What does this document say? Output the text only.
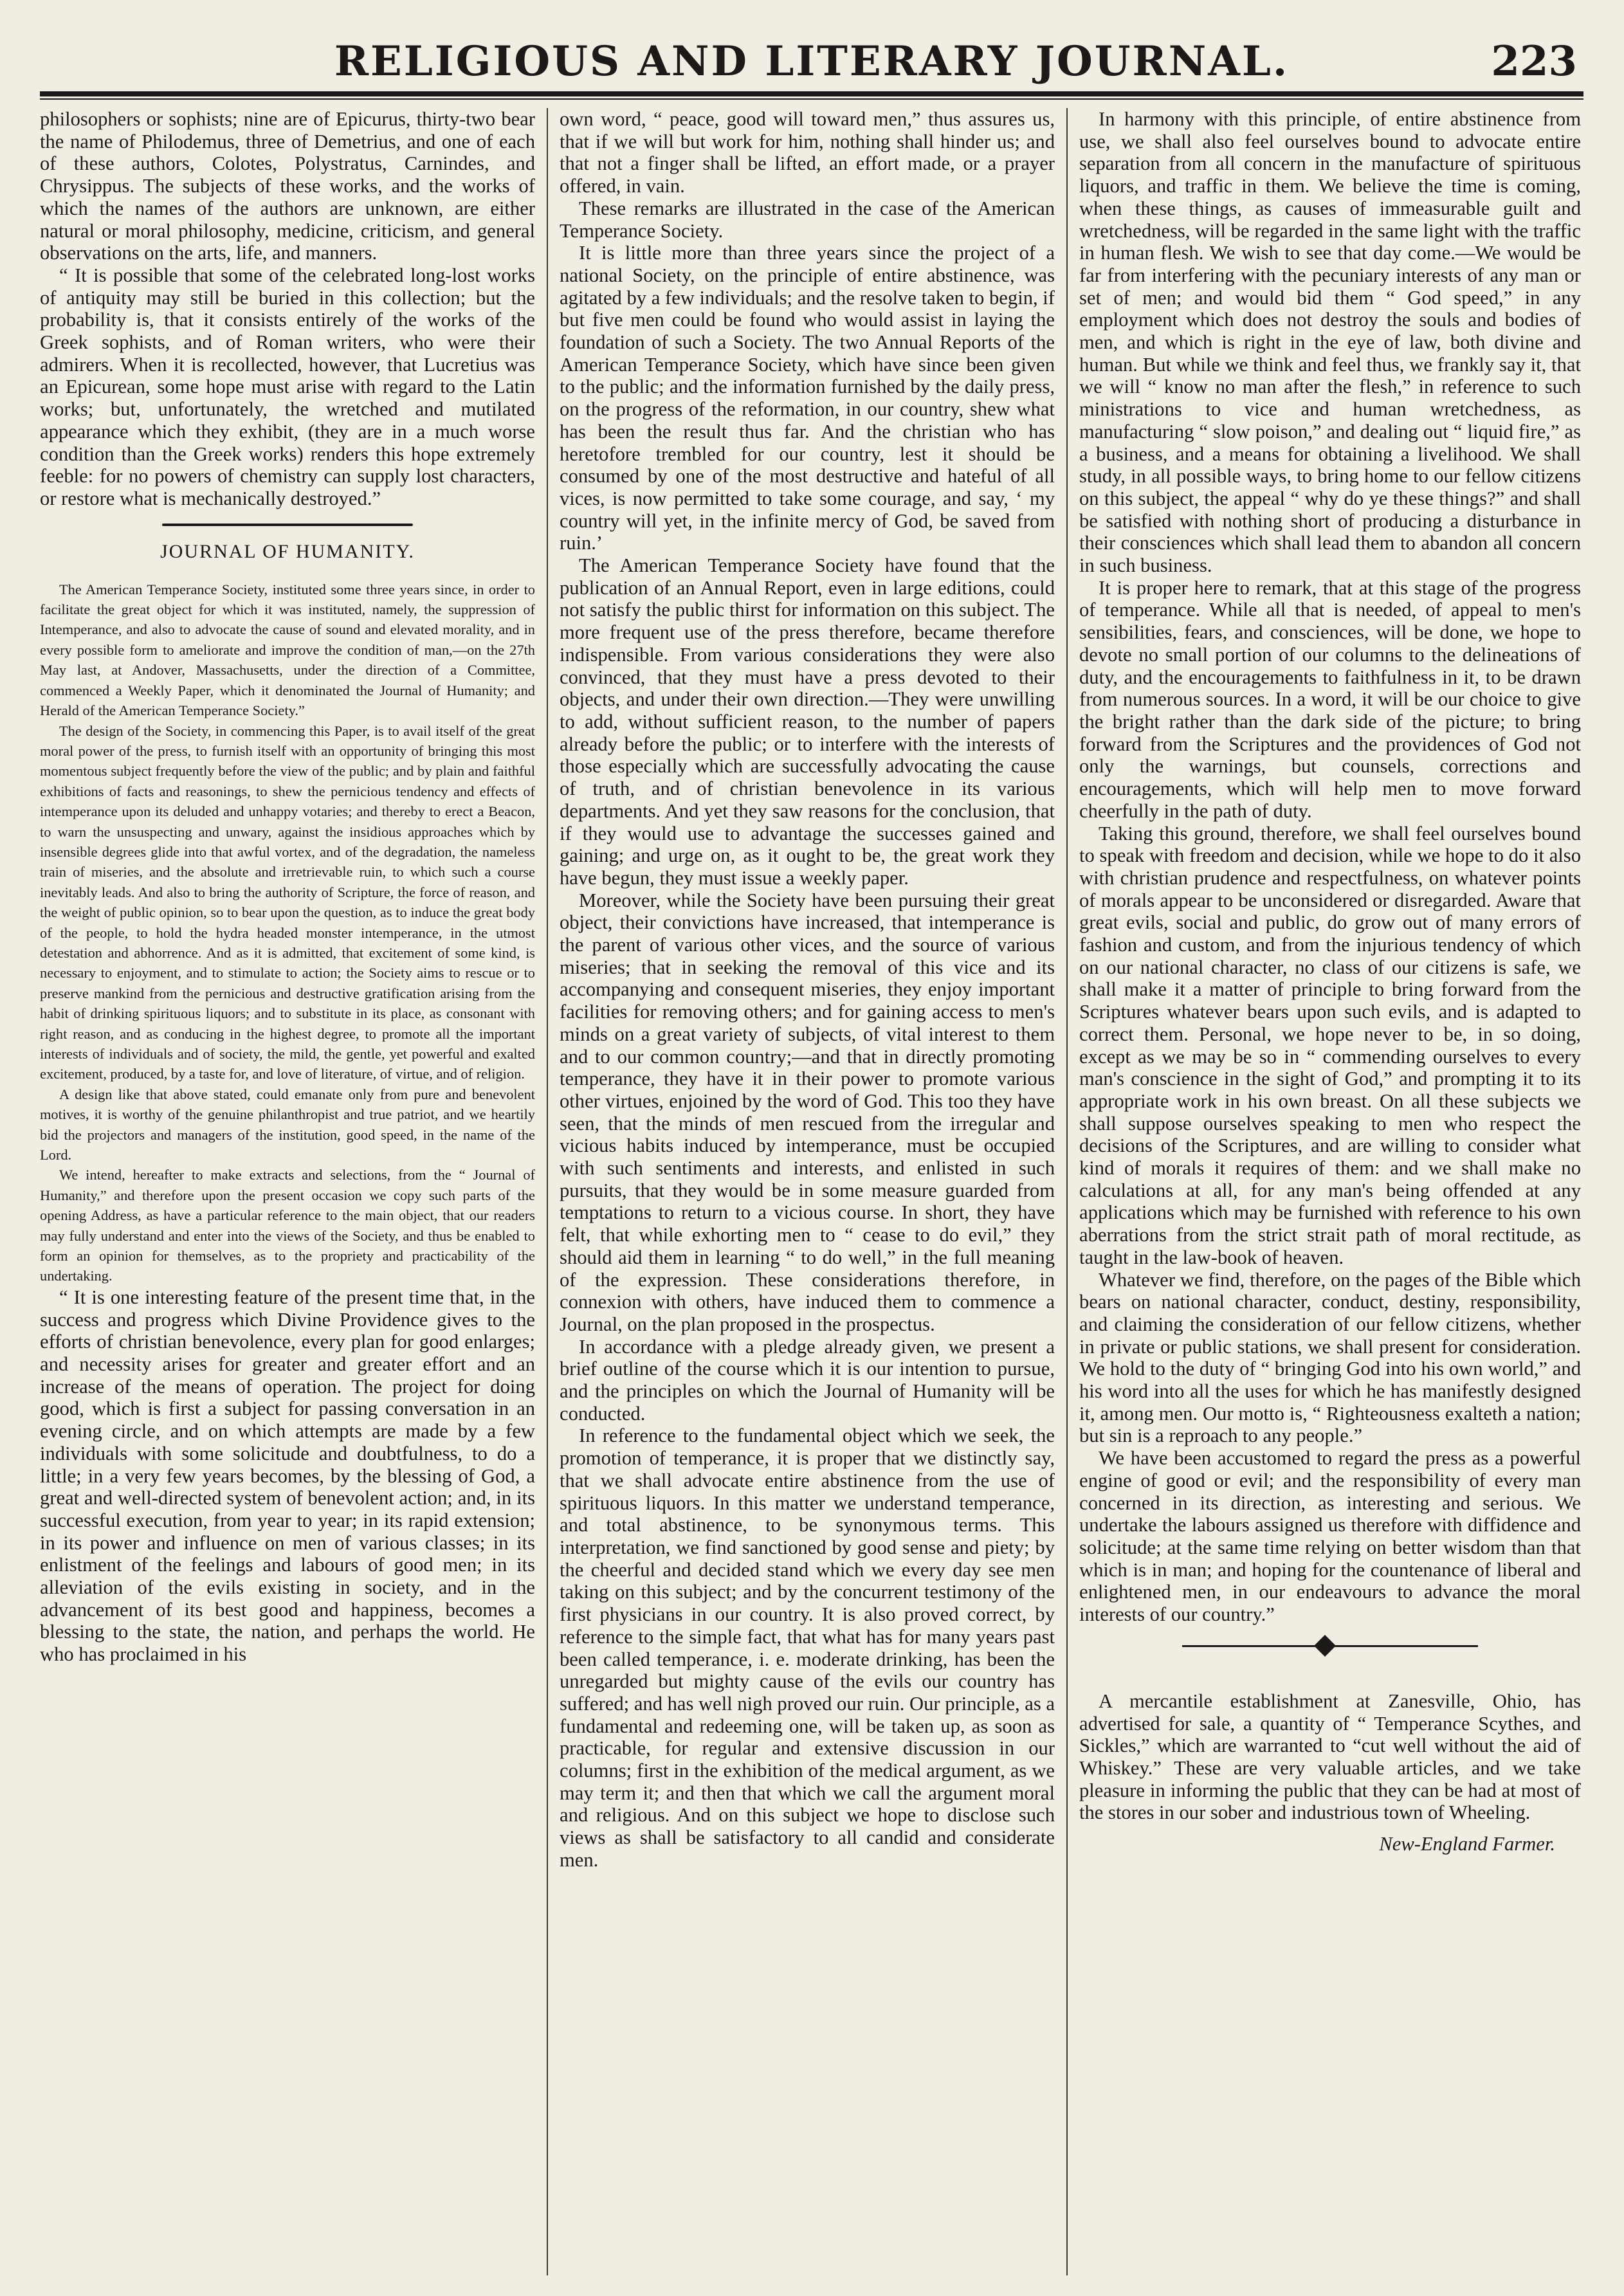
RELIGIOUS AND LITERARY JOURNAL.	223

philosophers or sophists; nine are of Epicurus, thirty-two bear the name of Philodemus, three of Demetrius, and one of each of these authors, Colotes, Polystratus, Carnindes, and Chrysippus. The subjects of these works, and the works of which the names of the authors are unknown, are either natural or moral philosophy, medicine, criticism, and general observations on the arts, life, and manners.

“ It is possible that some of the celebrated long-lost works of antiquity may still be buried in this collection; but the probability is, that it consists entirely of the works of the Greek sophists, and of Roman writers, who were their admirers. When it is recollected, however, that Lucretius was an Epicurean, some hope must arise with regard to the Latin works; but, unfortunately, the wretched and mutilated appearance which they exhibit, (they are in a much worse condition than the Greek works) renders this hope extremely feeble: for no powers of chemistry can supply lost characters, or restore what is mechanically destroyed.”

JOURNAL OF HUMANITY.

The American Temperance Society, instituted some three years since, in order to facilitate the great object for which it was instituted, namely, the suppression of Intemperance, and also to advocate the cause of sound and elevated morality, and in every possible form to ameliorate and improve the condition of man,—on the 27th May last, at Andover, Massachusetts, under the direction of a Committee, commenced a Weekly Paper, which it denominated the Journal of Humanity; and Herald of the American Temperance Society.”

The design of the Society, in commencing this Paper, is to avail itself of the great moral power of the press, to furnish itself with an opportunity of bringing this most momentous subject frequently before the view of the public; and by plain and faithful exhibitions of facts and reasonings, to shew the pernicious tendency and effects of intemperance upon its deluded and unhappy votaries; and thereby to erect a Beacon, to warn the unsuspecting and unwary, against the insidious approaches which by insensible degrees glide into that awful vortex, and of the degradation, the nameless train of miseries, and the absolute and irretrievable ruin, to which such a course inevitably leads. And also to bring the authority of Scripture, the force of reason, and the weight of public opinion, so to bear upon the question, as to induce the great body of the people, to hold the hydra headed monster intemperance, in the utmost detestation and abhorrence. And as it is admitted, that excitement of some kind, is necessary to enjoyment, and to stimulate to action; the Society aims to rescue or to preserve mankind from the pernicious and destructive gratification arising from the habit of drinking spirituous liquors; and to substitute in its place, as consonant with right reason, and as conducing in the highest degree, to promote all the important interests of individuals and of society, the mild, the gentle, yet powerful and exalted excitement, produced, by a taste for, and love of literature, of virtue, and of religion.

A design like that above stated, could emanate only from pure and benevolent motives, it is worthy of the genuine philanthropist and true patriot, and we heartily bid the projectors and managers of the institution, good speed, in the name of the Lord.

We intend, hereafter to make extracts and selections, from the “ Journal of Humanity,” and therefore upon the present occasion we copy such parts of the opening Address, as have a particular reference to the main object, that our readers may fully understand and enter into the views of the Society, and thus be enabled to form an opinion for themselves, as to the propriety and practicability of the undertaking.

“ It is one interesting feature of the present time that, in the success and progress which Divine Providence gives to the efforts of christian benevolence, every plan for good enlarges; and necessity arises for greater and greater effort and an increase of the means of operation. The project for doing good, which is first a subject for passing conversation in an evening circle, and on which attempts are made by a few individuals with some solicitude and doubtfulness, to do a little; in a very few years becomes, by the blessing of God, a great and well-directed system of benevolent action; and, in its successful execution, from year to year; in its rapid extension; in its power and influence on men of various classes; in its enlistment of the feelings and labours of good men; in its alleviation of the evils existing in society, and in the advancement of its best good and happiness, becomes a blessing to the state, the nation, and perhaps the world. He who has proclaimed in his

own word, “ peace, good will toward men,” thus assures us, that if we will but work for him, nothing shall hinder us; and that not a finger shall be lifted, an effort made, or a prayer offered, in vain.

These remarks are illustrated in the case of the American Temperance Society.

It is little more than three years since the project of a national Society, on the principle of entire abstinence, was agitated by a few individuals; and the resolve taken to begin, if but five men could be found who would assist in laying the foundation of such a Society. The two Annual Reports of the American Temperance Society, which have since been given to the public; and the information furnished by the daily press, on the progress of the reformation, in our country, shew what has been the result thus far. And the christian who has heretofore trembled for our country, lest it should be consumed by one of the most destructive and hateful of all vices, is now permitted to take some courage, and say, ‘ my country will yet, in the infinite mercy of God, be saved from ruin.’

The American Temperance Society have found that the publication of an Annual Report, even in large editions, could not satisfy the public thirst for information on this subject. The more frequent use of the press therefore, became therefore indispensible. From various considerations they were also convinced, that they must have a press devoted to their objects, and under their own direction.—They were unwilling to add, without sufficient reason, to the number of papers already before the public; or to interfere with the interests of those especially which are successfully advocating the cause of truth, and of christian benevolence in its various departments. And yet they saw reasons for the conclusion, that if they would use to advantage the successes gained and gaining; and urge on, as it ought to be, the great work they have begun, they must issue a weekly paper.

Moreover, while the Society have been pursuing their great object, their convictions have increased, that intemperance is the parent of various other vices, and the source of various miseries; that in seeking the removal of this vice and its accompanying and consequent miseries, they enjoy important facilities for removing others; and for gaining access to men's minds on a great variety of subjects, of vital interest to them and to our common country;—and that in directly promoting temperance, they have it in their power to promote various other virtues, enjoined by the word of God. This too they have seen, that the minds of men rescued from the irregular and vicious habits induced by intemperance, must be occupied with such sentiments and interests, and enlisted in such pursuits, that they would be in some measure guarded from temptations to return to a vicious course. In short, they have felt, that while exhorting men to “ cease to do evil,” they should aid them in learning “ to do well,” in the full meaning of the expression. These considerations therefore, in connexion with others, have induced them to commence a Journal, on the plan proposed in the prospectus.

In accordance with a pledge already given, we present a brief outline of the course which it is our intention to pursue, and the principles on which the Journal of Humanity will be conducted.

In reference to the fundamental object which we seek, the promotion of temperance, it is proper that we distinctly say, that we shall advocate entire abstinence from the use of spirituous liquors. In this matter we understand temperance, and total abstinence, to be synonymous terms. This interpretation, we find sanctioned by good sense and piety; by the cheerful and decided stand which we every day see men taking on this subject; and by the concurrent testimony of the first physicians in our country. It is also proved correct, by reference to the simple fact, that what has for many years past been called temperance, i. e. moderate drinking, has been the unregarded but mighty cause of the evils our country has suffered; and has well nigh proved our ruin. Our principle, as a fundamental and redeeming one, will be taken up, as soon as practicable, for regular and extensive discussion in our columns; first in the exhibition of the medical argument, as we may term it; and then that which we call the argument moral and religious. And on this subject we hope to disclose such views as shall be satisfactory to all candid and considerate men.

In harmony with this principle, of entire abstinence from use, we shall also feel ourselves bound to advocate entire separation from all concern in the manufacture of spirituous liquors, and traffic in them. We believe the time is coming, when these things, as causes of immeasurable guilt and wretchedness, will be regarded in the same light with the traffic in human flesh. We wish to see that day come.—We would be far from interfering with the pecuniary interests of any man or set of men; and would bid them “ God speed,” in any employment which does not destroy the souls and bodies of men, and which is right in the eye of law, both divine and human. But while we think and feel thus, we frankly say it, that we will “ know no man after the flesh,” in reference to such ministrations to vice and human wretchedness, as manufacturing “ slow poison,” and dealing out “ liquid fire,” as a business, and a means for obtaining a livelihood. We shall study, in all possible ways, to bring home to our fellow citizens on this subject, the appeal “ why do ye these things?” and shall be satisfied with nothing short of producing a disturbance in their consciences which shall lead them to abandon all concern in such business.

It is proper here to remark, that at this stage of the progress of temperance. While all that is needed, of appeal to men's sensibilities, fears, and consciences, will be done, we hope to devote no small portion of our columns to the delineations of duty, and the encouragements to faithfulness in it, to be drawn from numerous sources. In a word, it will be our choice to give the bright rather than the dark side of the picture; to bring forward from the Scriptures and the providences of God not only the warnings, but counsels, corrections and encouragements, which will help men to move forward cheerfully in the path of duty.

Taking this ground, therefore, we shall feel ourselves bound to speak with freedom and decision, while we hope to do it also with christian prudence and respectfulness, on whatever points of morals appear to be unconsidered or disregarded. Aware that great evils, social and public, do grow out of many errors of fashion and custom, and from the injurious tendency of which on our national character, no class of our citizens is safe, we shall make it a matter of principle to bring forward from the Scriptures whatever bears upon such evils, and is adapted to correct them. Personal, we hope never to be, in so doing, except as we may be so in “ commending ourselves to every man's conscience in the sight of God,” and prompting it to its appropriate work in his own breast. On all these subjects we shall suppose ourselves speaking to men who respect the decisions of the Scriptures, and are willing to consider what kind of morals it requires of them: and we shall make no calculations at all, for any man's being offended at any applications which may be furnished with reference to his own aberrations from the strict strait path of moral rectitude, as taught in the law-book of heaven.

Whatever we find, therefore, on the pages of the Bible which bears on national character, conduct, destiny, responsibility, and claiming the consideration of our fellow citizens, whether in private or public stations, we shall present for consideration. We hold to the duty of “ bringing God into his own world,” and his word into all the uses for which he has manifestly designed it, among men. Our motto is, “ Righteousness exalteth a nation; but sin is a reproach to any people.”

We have been accustomed to regard the press as a powerful engine of good or evil; and the responsibility of every man concerned in its direction, as interesting and serious. We undertake the labours assigned us therefore with diffidence and solicitude; at the same time relying on better wisdom than that which is in man; and hoping for the countenance of liberal and enlightened men, in our endeavours to advance the moral interests of our country.”

A mercantile establishment at Zanesville, Ohio, has advertised for sale, a quantity of “ Temperance Scythes, and Sickles,” which are warranted to “cut well without the aid of Whiskey.” These are very valuable articles, and we take pleasure in informing the public that they can be had at most of the stores in our sober and industrious town of Wheeling.

New-England Farmer.
